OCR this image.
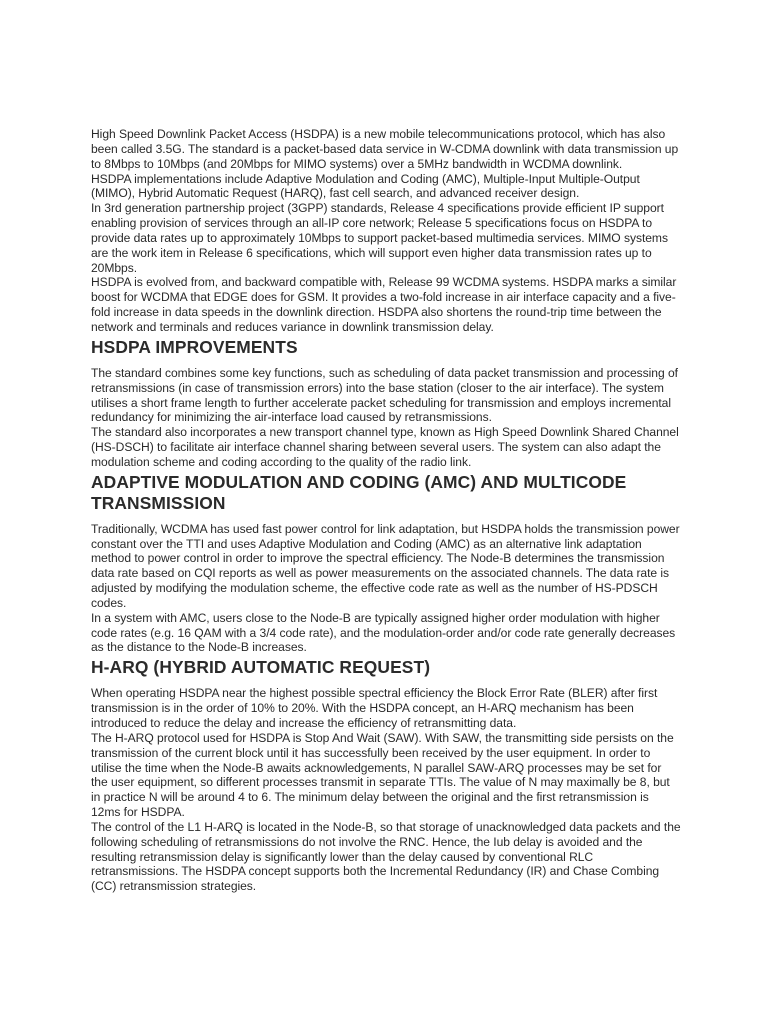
High Speed Downlink Packet Access (HSDPA) is a new mobile telecommunications protocol, which has also been called 3.5G. The standard is a packet-based data service in W-CDMA downlink with data transmission up to 8Mbps to 10Mbps (and 20Mbps for MIMO systems) over a 5MHz bandwidth in WCDMA downlink.

HSDPA implementations include Adaptive Modulation and Coding (AMC), Multiple-Input Multiple-Output (MIMO), Hybrid Automatic Request (HARQ), fast cell search, and advanced receiver design.

In 3rd generation partnership project (3GPP) standards, Release 4 specifications provide efficient IP support enabling provision of services through an all-IP core network; Release 5 specifications focus on HSDPA to provide data rates up to approximately 10Mbps to support packet-based multimedia services. MIMO systems are the work item in Release 6 specifications, which will support even higher data transmission rates up to 20Mbps.

HSDPA is evolved from, and backward compatible with, Release 99 WCDMA systems. HSDPA marks a similar boost for WCDMA that EDGE does for GSM. It provides a two-fold increase in air interface capacity and a five-fold increase in data speeds in the downlink direction. HSDPA also shortens the round-trip time between the network and terminals and reduces variance in downlink transmission delay.

HSDPA IMPROVEMENTS

The standard combines some key functions, such as scheduling of data packet transmission and processing of retransmissions (in case of transmission errors) into the base station (closer to the air interface). The system utilises a short frame length to further accelerate packet scheduling for transmission and employs incremental redundancy for minimizing the air-interface load caused by retransmissions.

The standard also incorporates a new transport channel type, known as High Speed Downlink Shared Channel (HS-DSCH) to facilitate air interface channel sharing between several users. The system can also adapt the modulation scheme and coding according to the quality of the radio link.

ADAPTIVE MODULATION AND CODING (AMC) AND MULTICODE TRANSMISSION

Traditionally, WCDMA has used fast power control for link adaptation, but HSDPA holds the transmission power constant over the TTI and uses Adaptive Modulation and Coding (AMC) as an alternative link adaptation method to power control in order to improve the spectral efficiency. The Node-B determines the transmission data rate based on CQI reports as well as power measurements on the associated channels. The data rate is adjusted by modifying the modulation scheme, the effective code rate as well as the number of HS-PDSCH codes.

In a system with AMC, users close to the Node-B are typically assigned higher order modulation with higher code rates (e.g. 16 QAM with a 3/4 code rate), and the modulation-order and/or code rate generally decreases as the distance to the Node-B increases.

H-ARQ (HYBRID AUTOMATIC REQUEST)

When operating HSDPA near the highest possible spectral efficiency the Block Error Rate (BLER) after first transmission is in the order of 10% to 20%. With the HSDPA concept, an H-ARQ mechanism has been introduced to reduce the delay and increase the efficiency of retransmitting data.

The H-ARQ protocol used for HSDPA is Stop And Wait (SAW). With SAW, the transmitting side persists on the transmission of the current block until it has successfully been received by the user equipment. In order to utilise the time when the Node-B awaits acknowledgements, N parallel SAW-ARQ processes may be set for the user equipment, so different processes transmit in separate TTIs. The value of N may maximally be 8, but in practice N will be around 4 to 6. The minimum delay between the original and the first retransmission is 12ms for HSDPA.

The control of the L1 H-ARQ is located in the Node-B, so that storage of unacknowledged data packets and the following scheduling of retransmissions do not involve the RNC. Hence, the Iub delay is avoided and the resulting retransmission delay is significantly lower than the delay caused by conventional RLC retransmissions. The HSDPA concept supports both the Incremental Redundancy (IR) and Chase Combing (CC) retransmission strategies.
